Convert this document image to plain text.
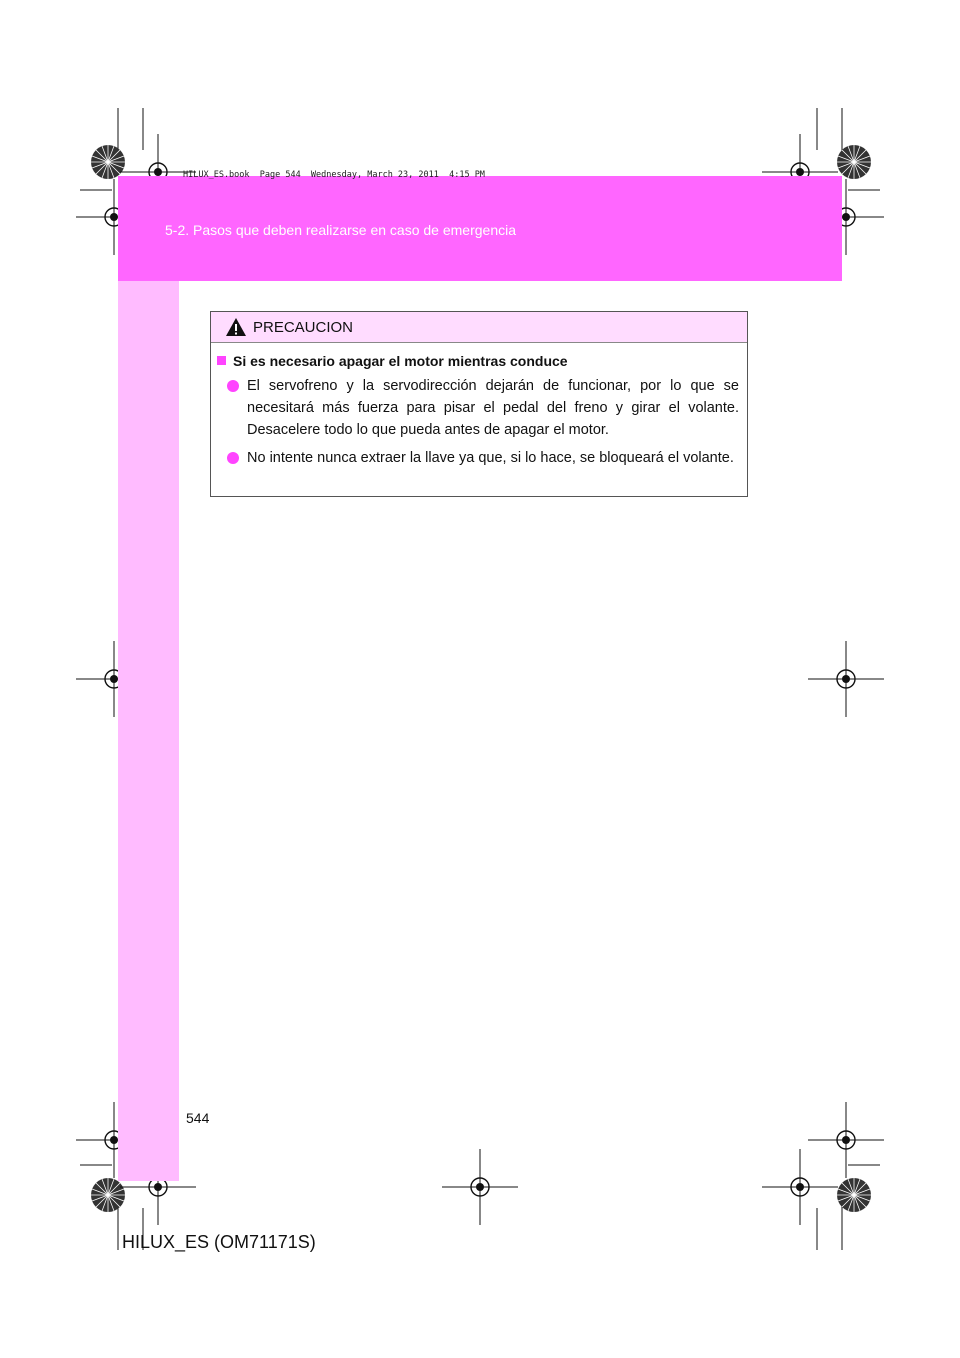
HILUX_ES.book  Page 544  Wednesday, March 23, 2011  4:15 PM
5-2. Pasos que deben realizarse en caso de emergencia
PRECAUCION
Si es necesario apagar el motor mientras conduce
El servofreno y la servodirección dejarán de funcionar, por lo que se necesitará más fuerza para pisar el pedal del freno y girar el volante. Desacelere todo lo que pueda antes de apagar el motor.
No intente nunca extraer la llave ya que, si lo hace, se bloqueará el volante.
544
HILUX_ES (OM71171S)
